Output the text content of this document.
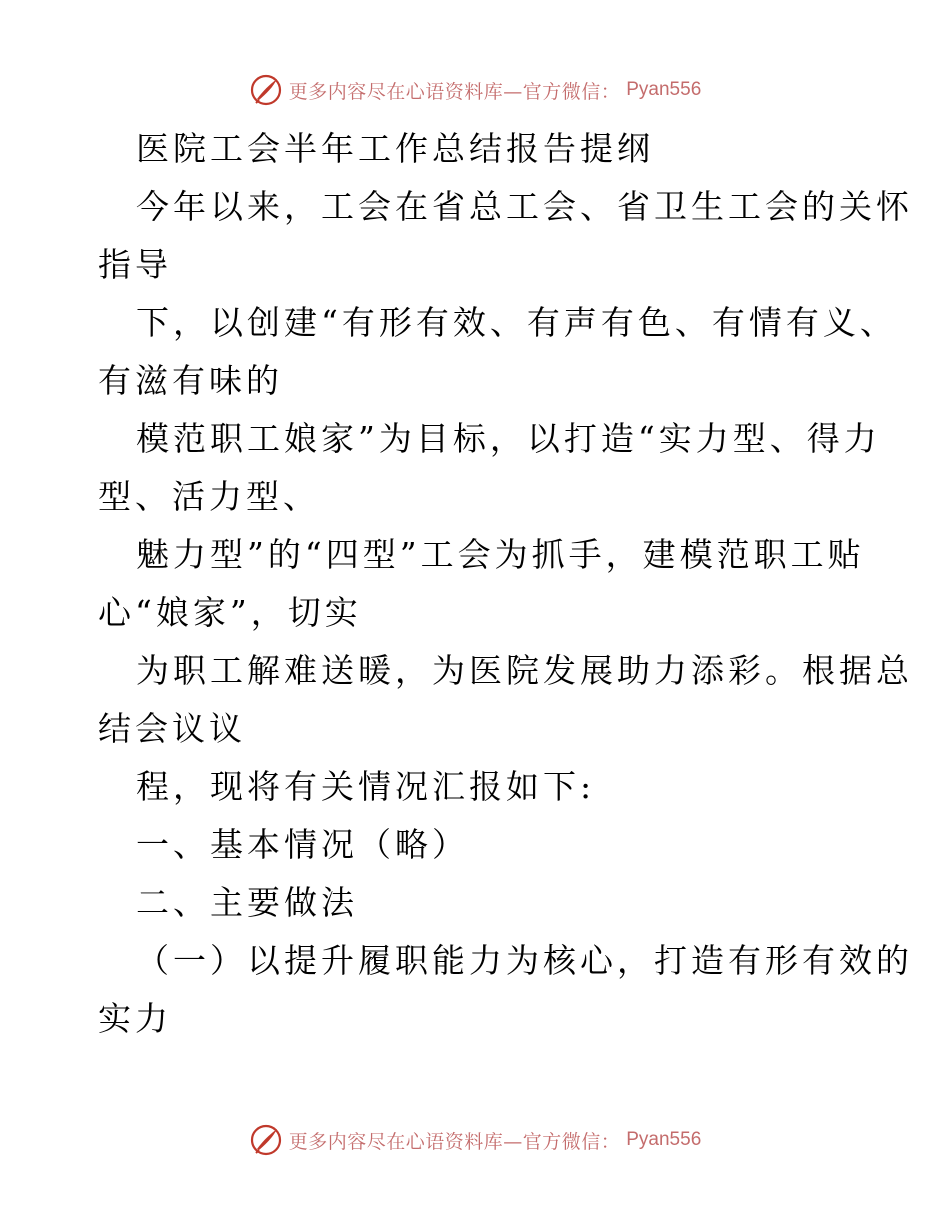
更多内容尽在心语资料库—官方微信： Pyan556
医院工会半年工作总结报告提纲
今年以来，工会在省总工会、省卫生工会的关怀
指导
下，以创建“有形有效、有声有色、有情有义、
有滋有味的
模范职工娘家”为目标，以打造“实力型、得力
型、活力型、
魅力型”的“四型”工会为抓手，建模范职工贴
心“娘家”，切实
为职工解难送暖，为医院发展助力添彩。根据总
结会议议
程，现将有关情况汇报如下:
一、基本情况（略）
二、主要做法
（一）以提升履职能力为核心，打造有形有效的
实力
更多内容尽在心语资料库—官方微信： Pyan556
